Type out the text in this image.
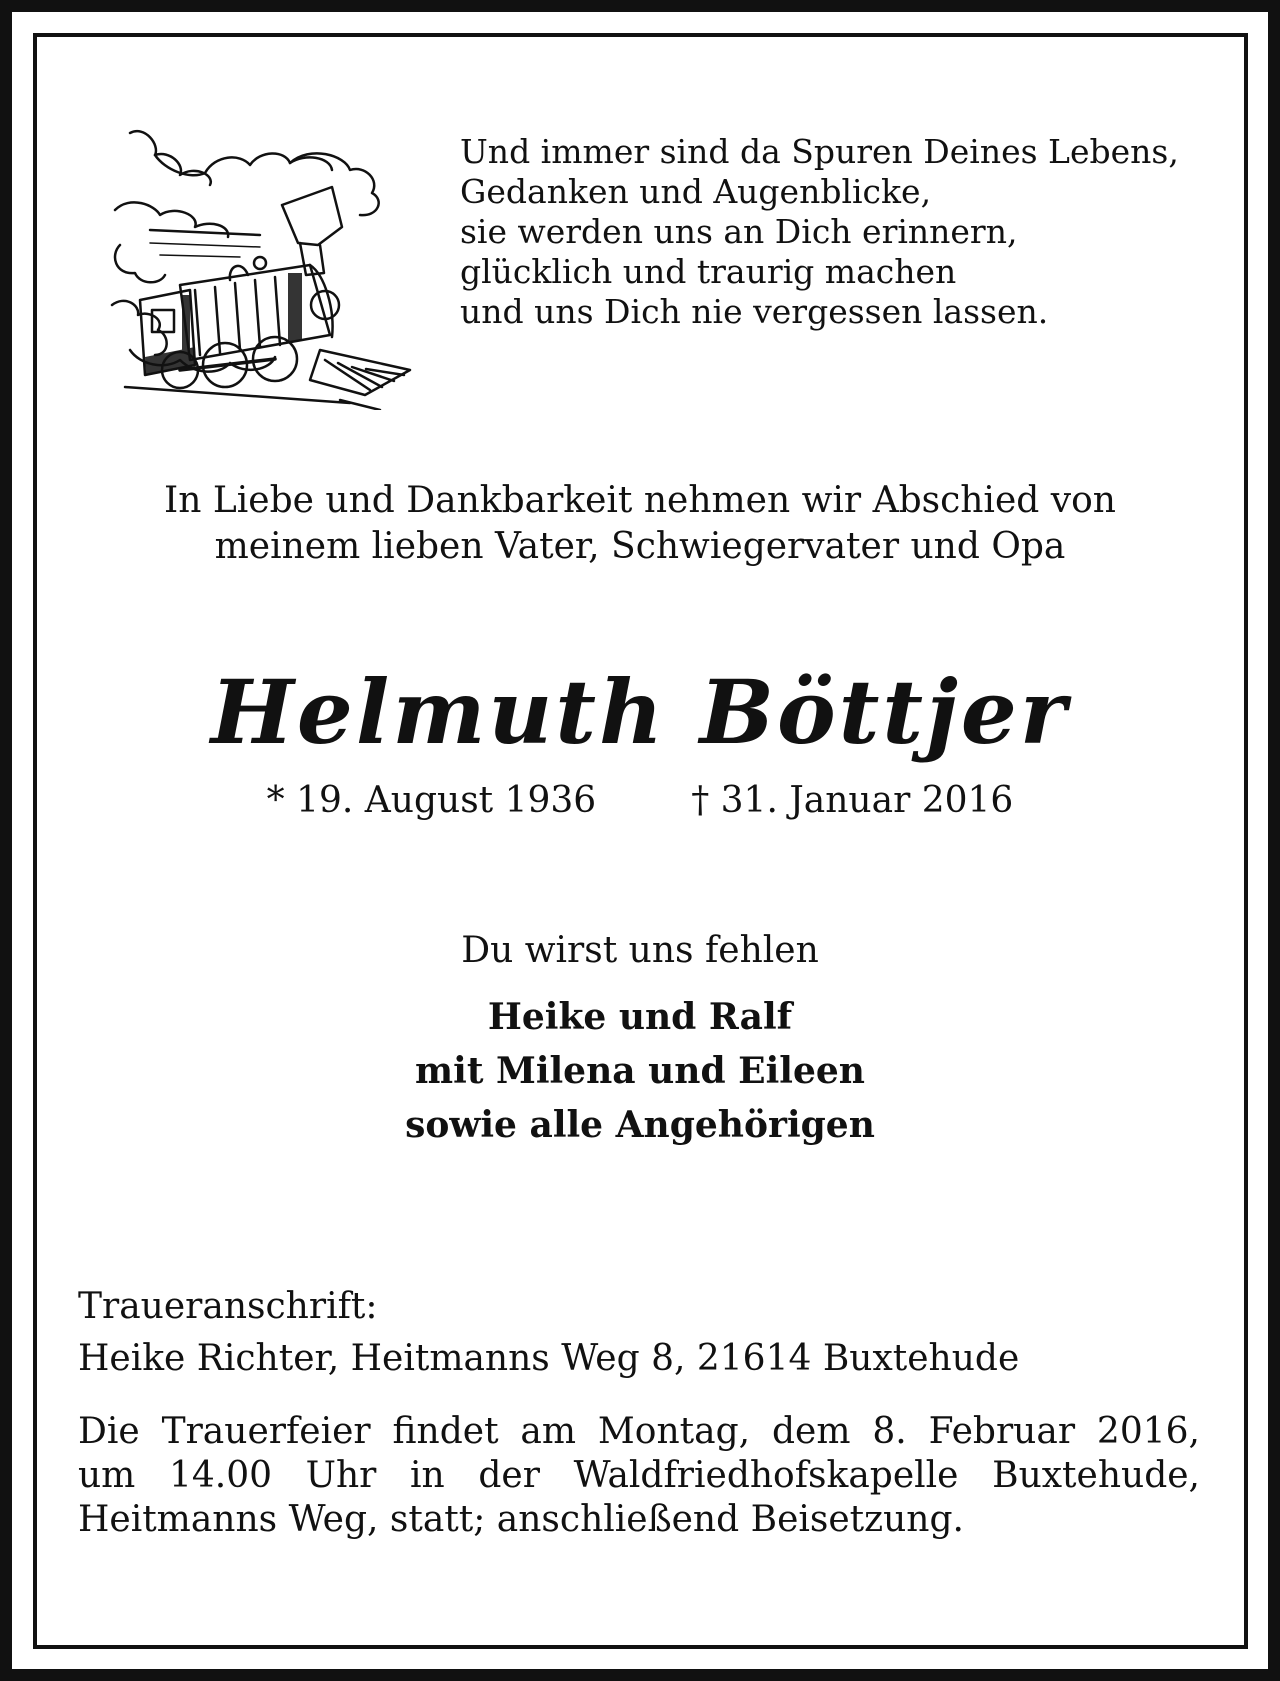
Und immer sind da Spuren Deines Lebens,
Gedanken und Augenblicke,
sie werden uns an Dich erinnern,
glücklich und traurig machen
und uns Dich nie vergessen lassen.
In Liebe und Dankbarkeit nehmen wir Abschied von
meinem lieben Vater, Schwiegervater und Opa
Helmuth Böttjer
* 19. August 1936	† 31. Januar 2016
Du wirst uns fehlen
Heike und Ralf
mit Milena und Eileen
sowie alle Angehörigen
Traueranschrift:
Heike Richter, Heitmanns Weg 8, 21614 Buxtehude
Die Trauerfeier findet am Montag, dem 8. Februar 2016,
um 14.00 Uhr in der Waldfriedhofskapelle Buxtehude,
Heitmanns Weg, statt; anschließend Beisetzung.
